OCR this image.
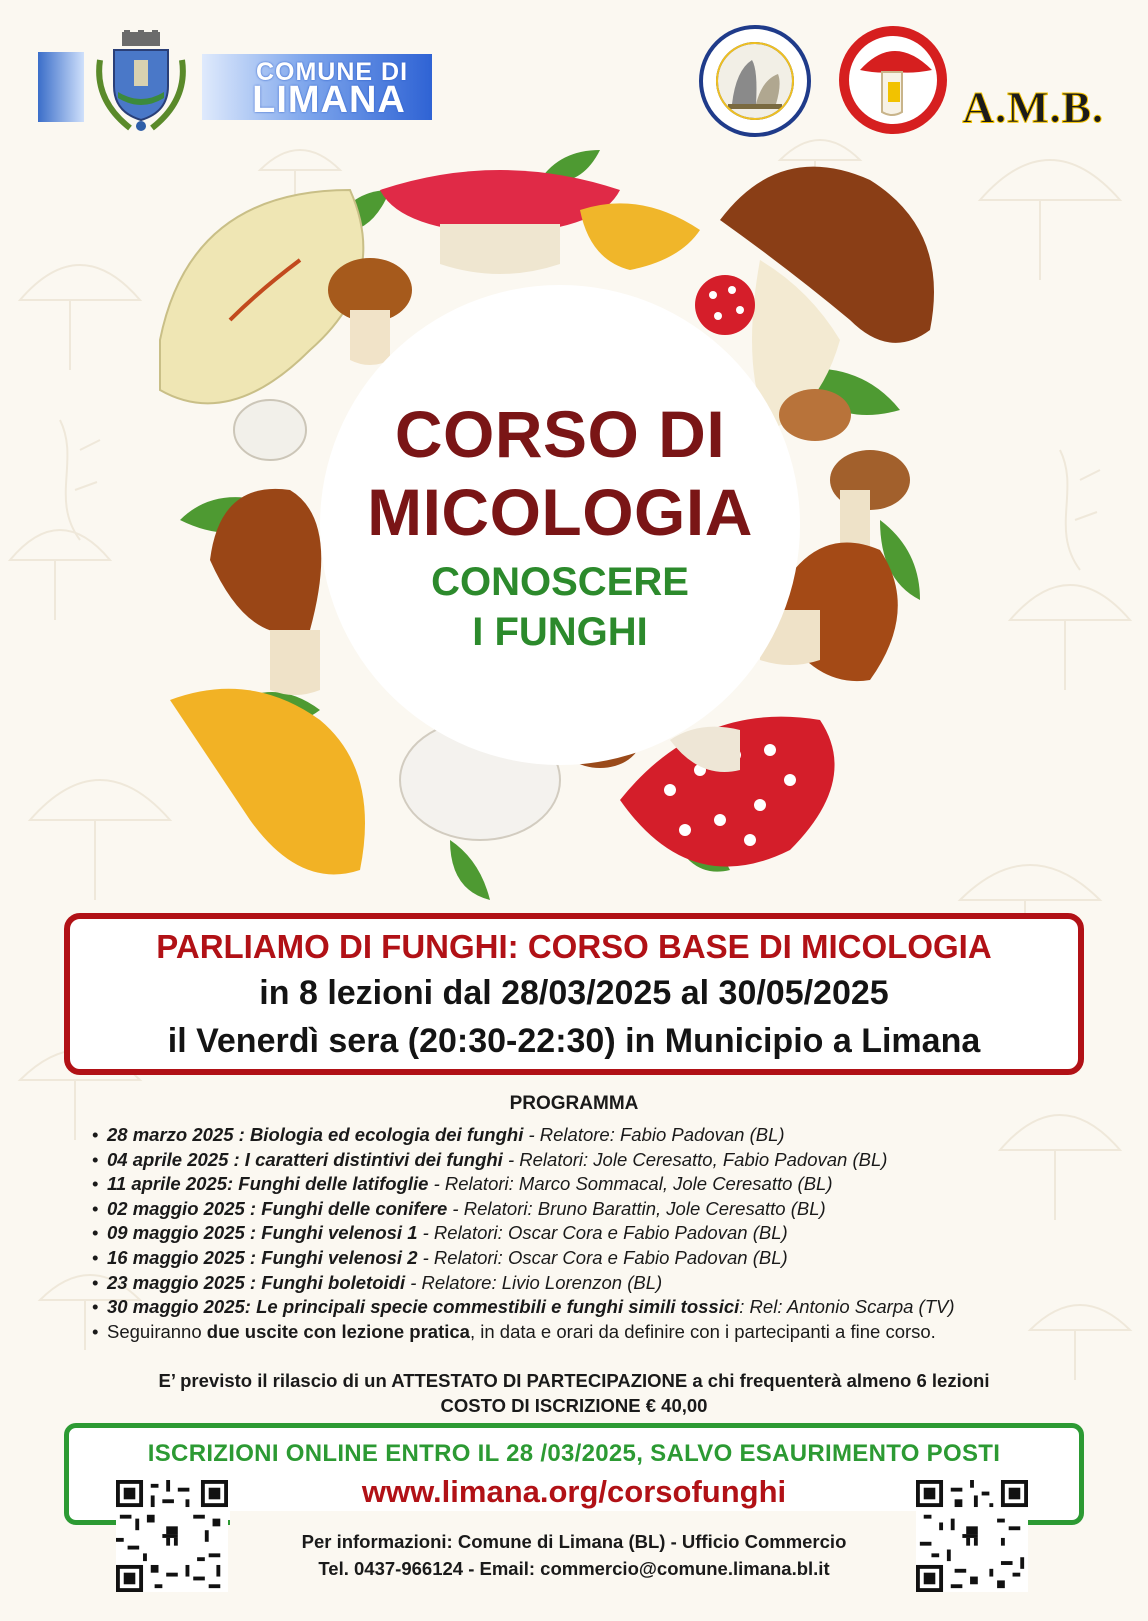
COMUNE DI
LIMANA	A.M.B.
CORSO DI
MICOLOGIA
CONOSCERE
I FUNGHI
PARLIAMO DI FUNGHI: CORSO BASE DI MICOLOGIA
in 8 lezioni dal 28/03/2025 al 30/05/2025
il Venerdì sera (20:30-22:30) in Municipio a Limana
PROGRAMMA
• 28 marzo 2025 : Biologia ed ecologia dei funghi - Relatore: Fabio Padovan (BL)
• 04 aprile 2025 : I caratteri distintivi dei funghi - Relatori: Jole Ceresatto, Fabio Padovan (BL)
• 11 aprile 2025: Funghi delle latifoglie - Relatori: Marco Sommacal, Jole Ceresatto (BL)
• 02 maggio 2025 : Funghi delle conifere - Relatori: Bruno Barattin, Jole Ceresatto (BL)
• 09 maggio 2025 : Funghi velenosi 1 - Relatori: Oscar Cora e Fabio Padovan (BL)
• 16 maggio 2025 : Funghi velenosi 2 - Relatori: Oscar Cora e Fabio Padovan (BL)
• 23 maggio 2025 : Funghi boletoidi - Relatore: Livio Lorenzon (BL)
• 30 maggio 2025: Le principali specie commestibili e funghi simili tossici: Rel: Antonio Scarpa (TV)
• Seguiranno due uscite con lezione pratica, in data e orari da definire con i partecipanti a fine corso.
E’ previsto il rilascio di un ATTESTATO DI PARTECIPAZIONE a chi frequenterà almeno 6 lezioni
COSTO DI ISCRIZIONE € 40,00
ISCRIZIONI ONLINE ENTRO IL 28 /03/2025, SALVO ESAURIMENTO POSTI
www.limana.org/corsofunghi
Per informazioni: Comune di Limana (BL) - Ufficio Commercio
Tel. 0437-966124 - Email: commercio@comune.limana.bl.it
